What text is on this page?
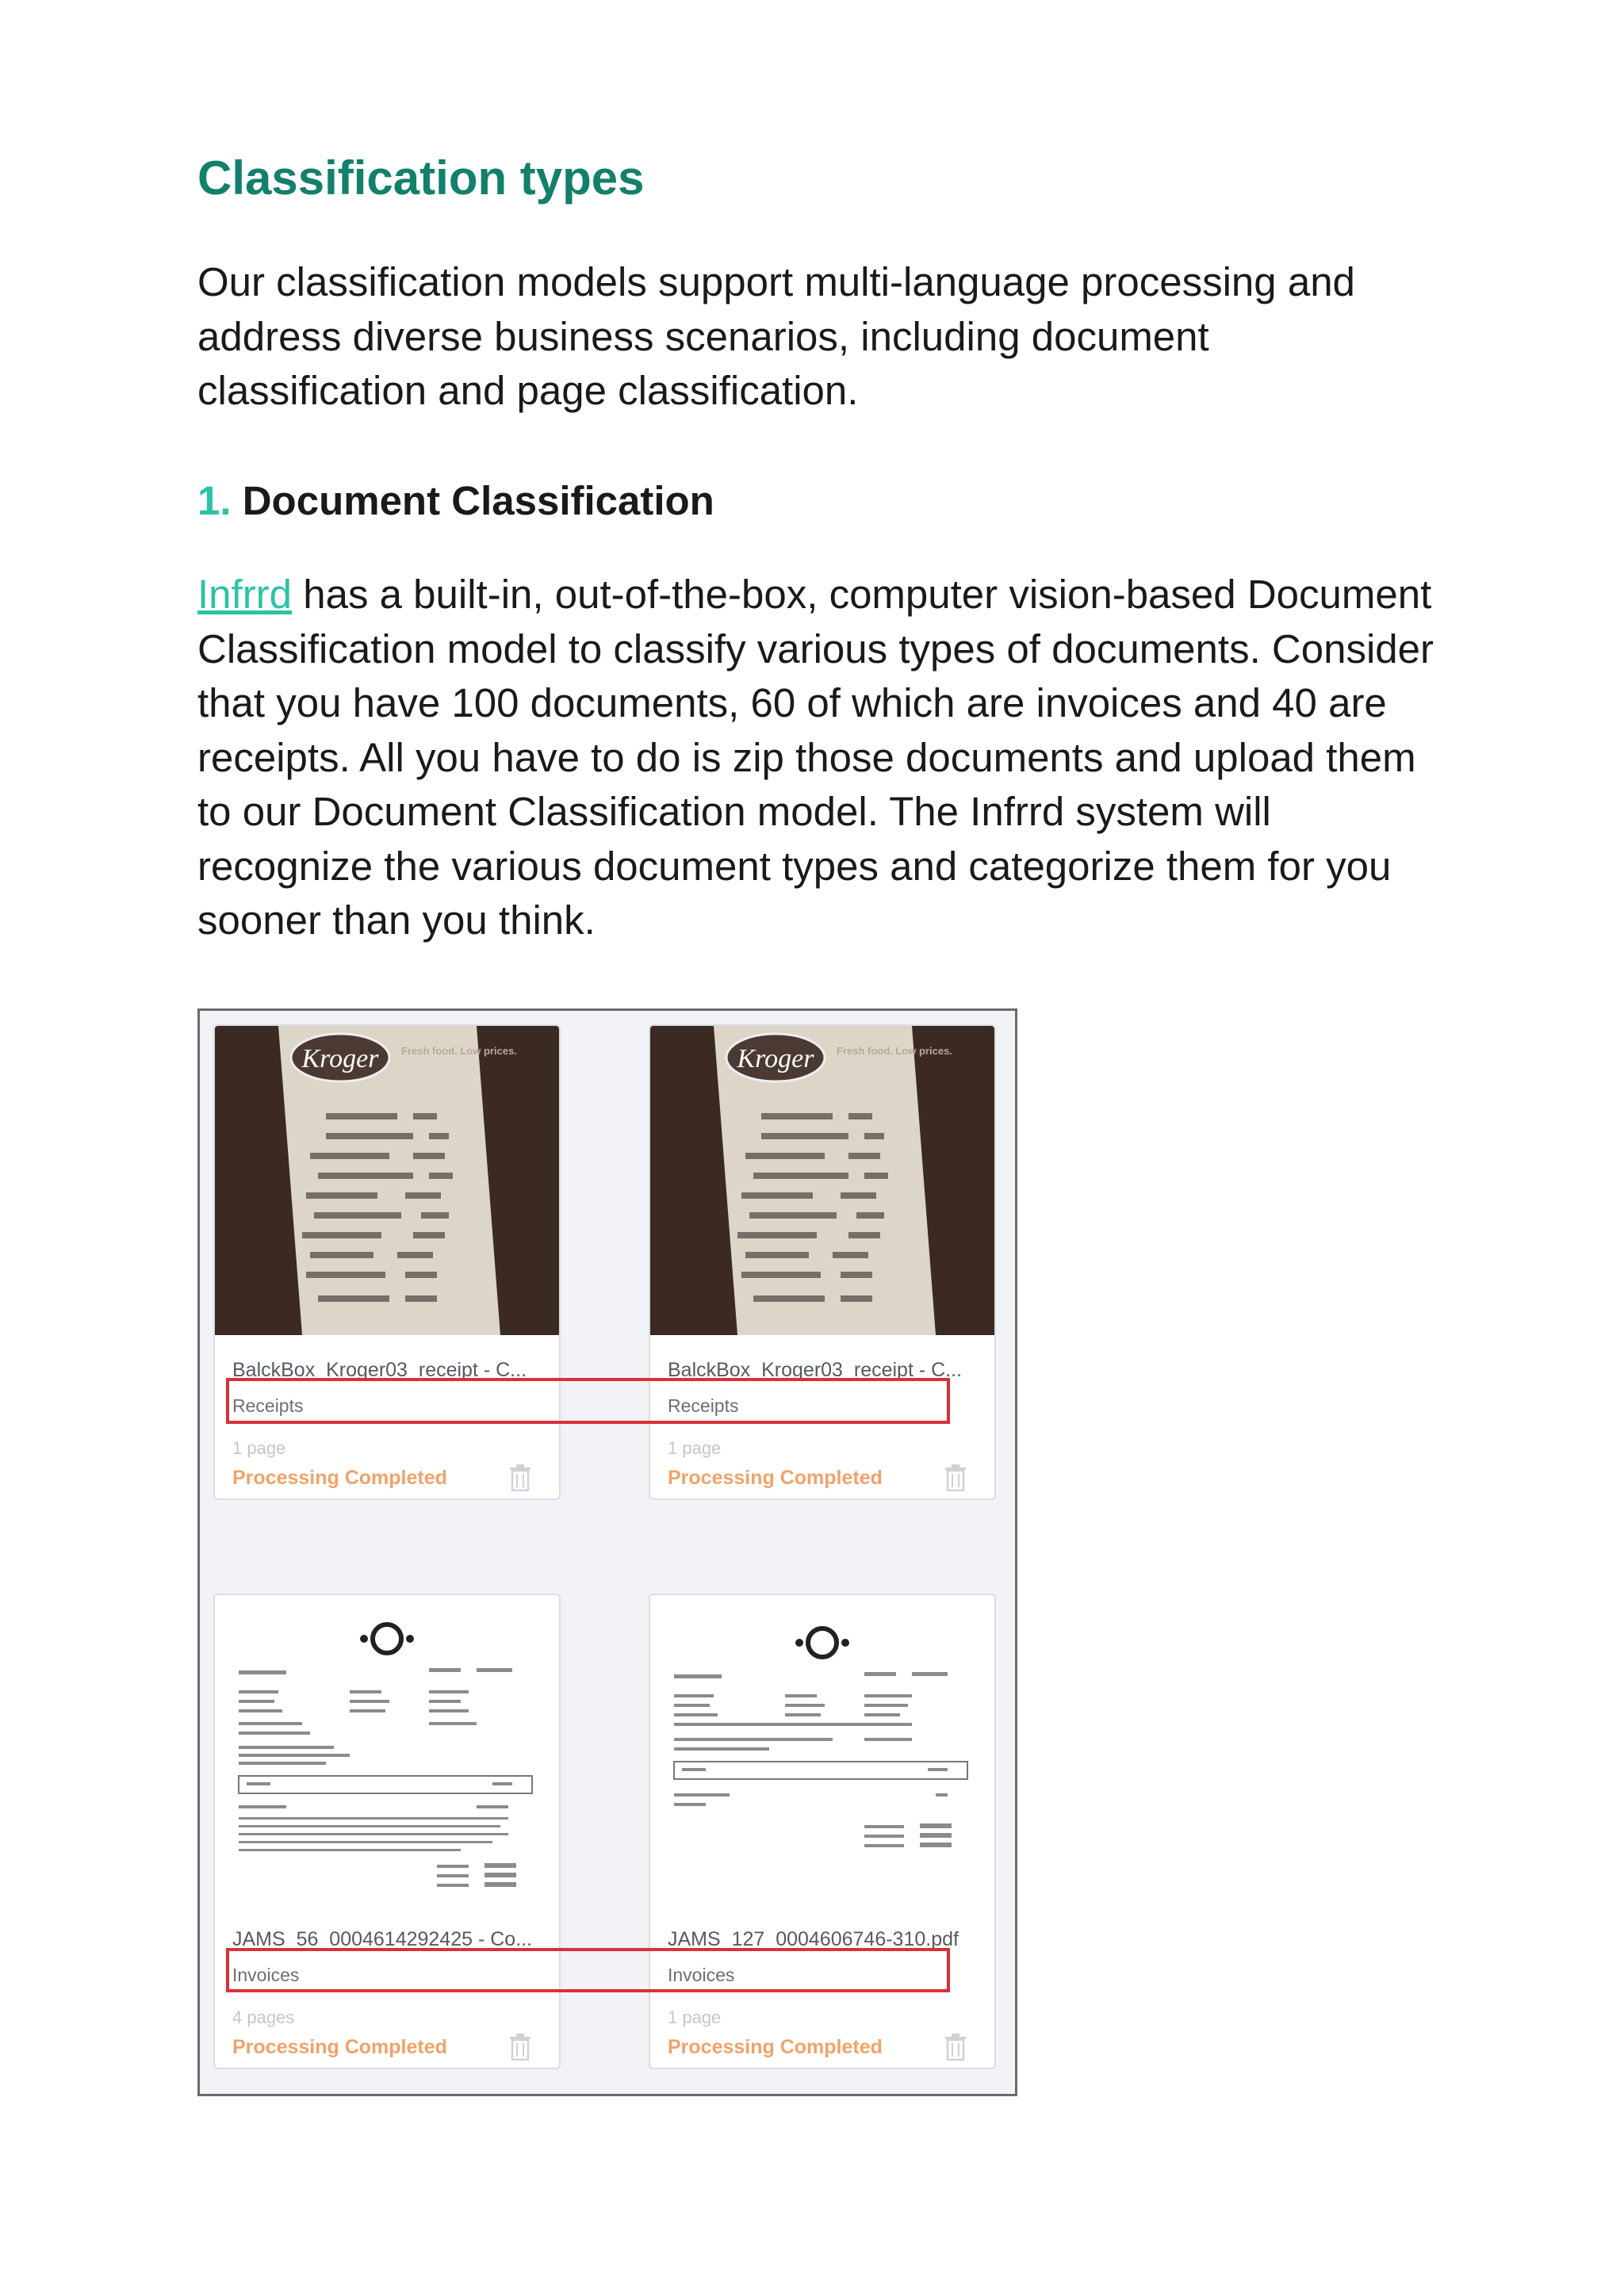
Classification types

Our classification models support multi-language processing and address diverse business scenarios, including document classification and page classification.

1. Document Classification

Infrrd has a built-in, out-of-the-box, computer vision-based Document Classification model to classify various types of documents. Consider that you have 100 documents, 60 of which are invoices and 40 are receipts. All you have to do is zip those documents and upload them to our Document Classification model. The Infrrd system will recognize the various document types and categorize them for you sooner than you think.

Kroger Fresh food. Low prices.
BalckBox_Kroger03_receipt - C...
Receipts
1 page
Processing Completed
Kroger Fresh food. Low prices.
BalckBox_Kroger03_receipt - C...
Receipts
1 page
Processing Completed
JAMS_56_0004614292425 - Co...
Invoices
4 pages
Processing Completed
JAMS_127_0004606746-310.pdf
Invoices
1 page
Processing Completed
